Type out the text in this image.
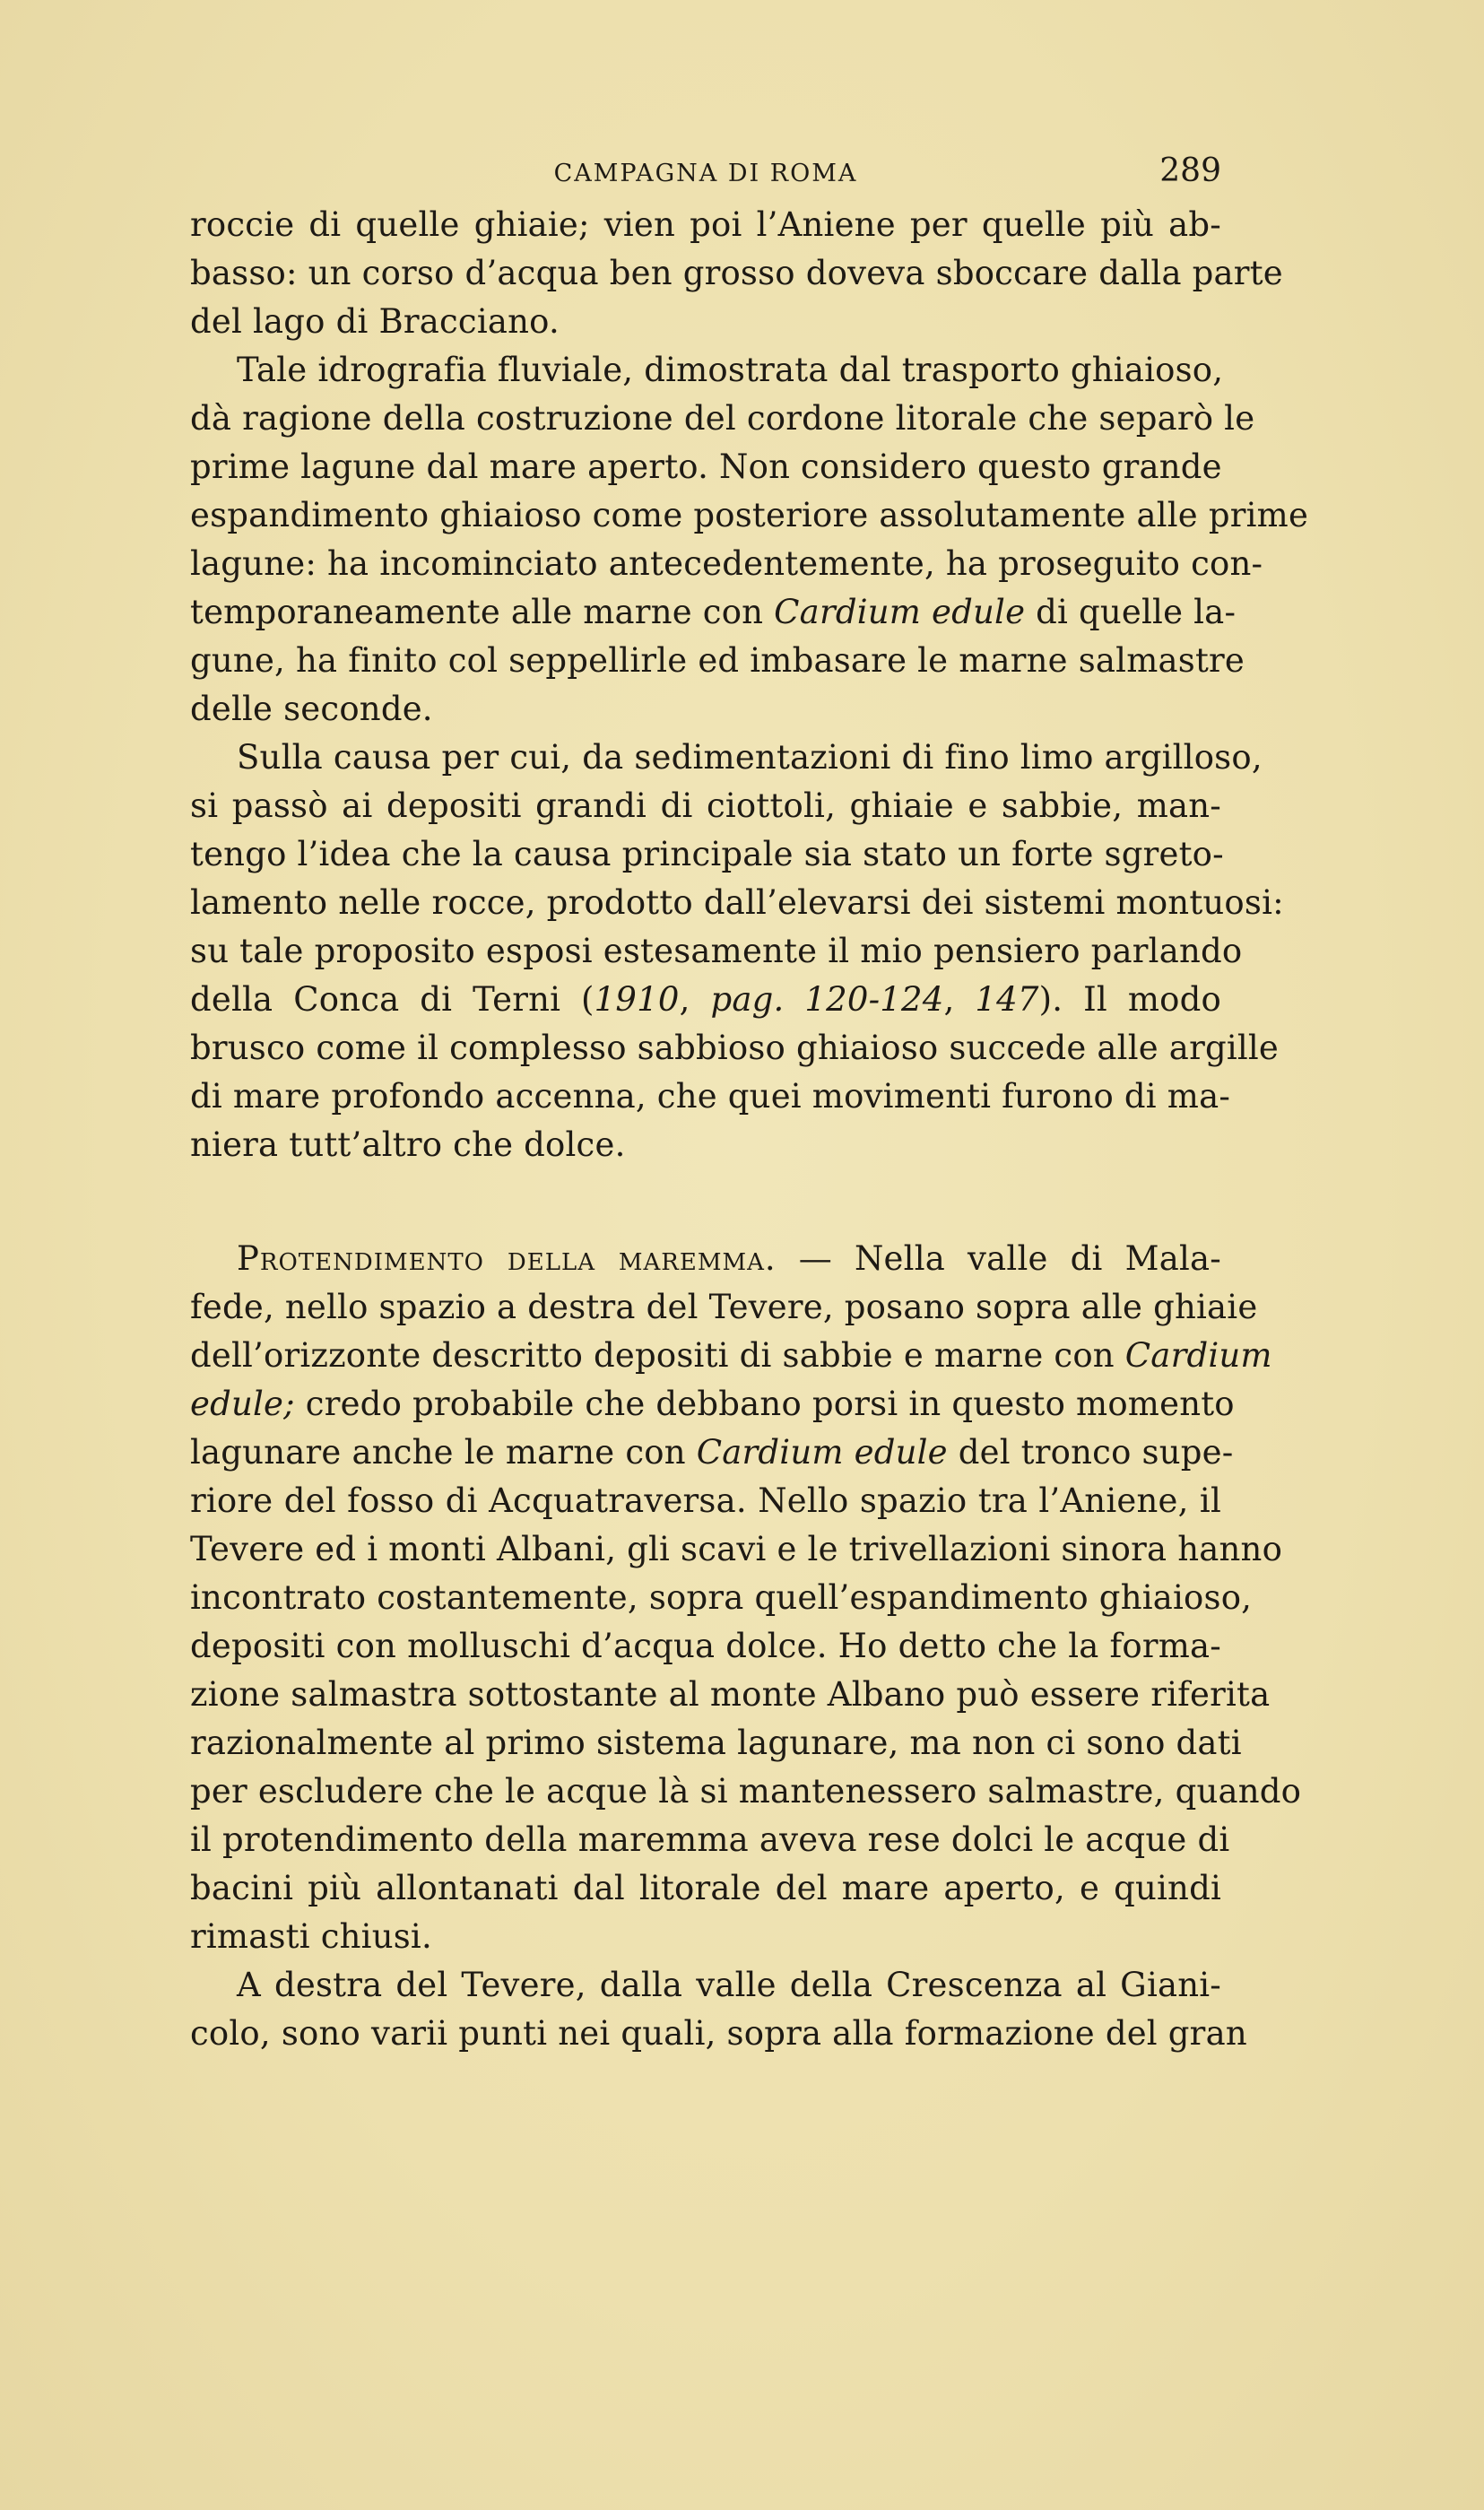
CAMPAGNA DI ROMA	289

roccie di quelle ghiaie; vien poi l’Aniene per quelle più ab-
basso: un corso d’acqua ben grosso doveva sboccare dalla parte
del lago di Bracciano.

Tale idrografia fluviale, dimostrata dal trasporto ghiaioso,
dà ragione della costruzione del cordone litorale che separò le
prime lagune dal mare aperto. Non considero questo grande
espandimento ghiaioso come posteriore assolutamente alle prime
lagune: ha incominciato antecedentemente, ha proseguito con-
temporaneamente alle marne con Cardium edule di quelle la-
gune, ha finito col seppellirle ed imbasare le marne salmastre
delle seconde.

Sulla causa per cui, da sedimentazioni di fino limo argilloso,
si passò ai depositi grandi di ciottoli, ghiaie e sabbie, man-
tengo l’idea che la causa principale sia stato un forte sgreto-
lamento nelle rocce, prodotto dall’elevarsi dei sistemi montuosi:
su tale proposito esposi estesamente il mio pensiero parlando
della Conca di Terni (1910, pag. 120-124, 147). Il modo
brusco come il complesso sabbioso ghiaioso succede alle argille
di mare profondo accenna, che quei movimenti furono di ma-
niera tutt’altro che dolce.

Protendimento della maremma. — Nella valle di Mala-
fede, nello spazio a destra del Tevere, posano sopra alle ghiaie
dell’orizzonte descritto depositi di sabbie e marne con Cardium
edule; credo probabile che debbano porsi in questo momento
lagunare anche le marne con Cardium edule del tronco supe-
riore del fosso di Acquatraversa. Nello spazio tra l’Aniene, il
Tevere ed i monti Albani, gli scavi e le trivellazioni sinora hanno
incontrato costantemente, sopra quell’espandimento ghiaioso,
depositi con molluschi d’acqua dolce. Ho detto che la forma-
zione salmastra sottostante al monte Albano può essere riferita
razionalmente al primo sistema lagunare, ma non ci sono dati
per escludere che le acque là si mantenessero salmastre, quando
il protendimento della maremma aveva rese dolci le acque di
bacini più allontanati dal litorale del mare aperto, e quindi
rimasti chiusi.

A destra del Tevere, dalla valle della Crescenza al Giani-
colo, sono varii punti nei quali, sopra alla formazione del gran
